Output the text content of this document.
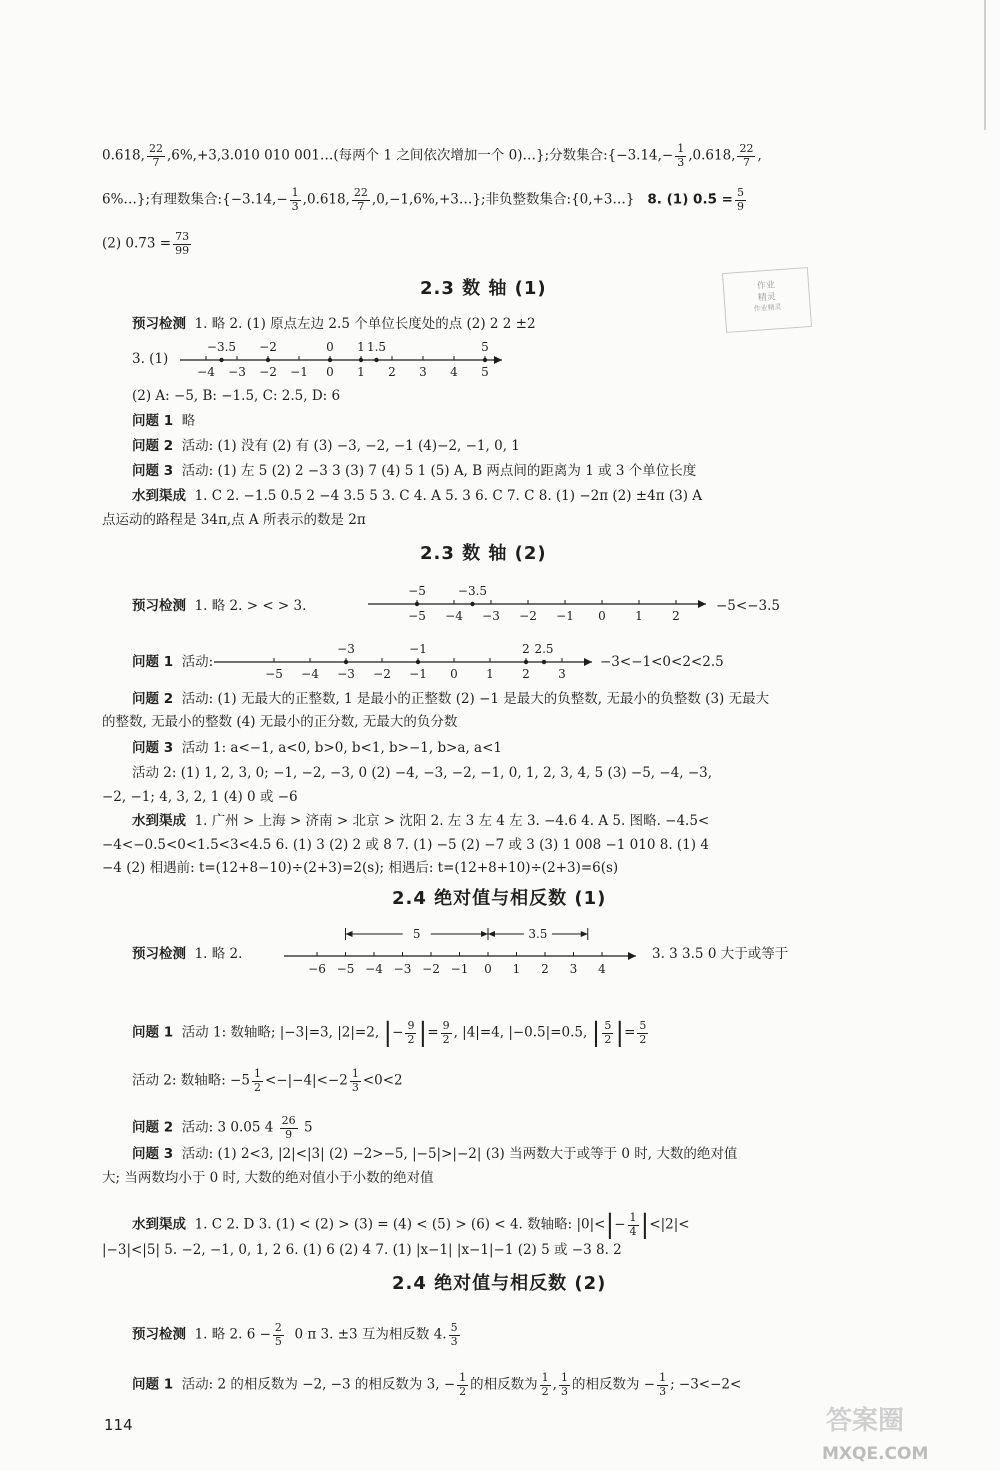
0.618, $\frac{22}{7} ,6\%,+3,3.010$ 010 001…(每两个 1 之间依次增加一个 0)…};分数集合:{−3.14,− $\frac{1}{3} ,0.618$, $\frac{22}{7}$ ,
6%…};有理数集合:{−3.14,− $\frac{1}{3} ,0.618$, $\frac{22}{7}$ ,0,−1,6%,+3…};非负整数集合:{0,+3…} 8. (1) 0.5̇ = $\frac{5}{9}$
(2) 0.7̇3̇ = $\frac{73}{99}$
作业
精灵
作业精灵
2.3 数 轴 (1)
预习检测 1. 略 2. (1) 原点左边 2.5 个单位长度处的点 (2) 2 2 ±2
3. (1)
−4 −3 −2 −1 0 1 2 3 4 5
−3.5 −2	0 1 1.5	5
(2) A: −5, B: −1.5, C: 2.5, D: 6
问题 1 略
问题 2 活动: (1) 没有 (2) 有 (3) −3, −2, −1 (4)−2, −1, 0, 1
问题 3 活动: (1) 左 5 (2) 2 −3 3 (3) 7 (4) 5 1 (5) A, B 两点间的距离为 1 或 3 个单位长度
水到渠成 1. C 2. −1.5 0.5 2 −4 3.5 5 3. C 4. A 5. 3 6. C 7. C 8. (1) −2π (2) ±4π (3) A
点运动的路程是 34π,点 A 所表示的数是 2π
2.3 数 轴 (2)
预习检测 1. 略 2. > < > 3.
−5 −4 −3 −2 −1 0 1 2
−5	−3.5
−5<−3.5
问题 1 活动:
−5 −4 −3 −2 −1 0 1 2 3
−3	−1	2 2.5
−3<−1<0<2<2.5
问题 2 活动: (1) 无最大的正整数, 1 是最小的正整数 (2) −1 是最大的负整数, 无最小的负整数 (3) 无最大
的整数, 无最小的整数 (4) 无最小的正分数, 无最大的负分数
问题 3 活动 1: a<−1, a<0, b>0, b<1, b>−1, b>a, a<1
活动 2: (1) 1, 2, 3, 0; −1, −2, −3, 0 (2) −4, −3, −2, −1, 0, 1, 2, 3, 4, 5 (3) −5, −4, −3,
−2, −1; 4, 3, 2, 1 (4) 0 或 −6
水到渠成 1. 广州 > 上海 > 济南 > 北京 > 沈阳 2. 左 3 左 4 左 3. −4.6 4. A 5. 图略. −4.5<
−4<−0.5<0<1.5<3<4.5 6. (1) 3 (2) 2 或 8 7. (1) −5 (2) −7 或 3 (3) 1 008 −1 010 8. (1) 4
−4 (2) 相遇前: t=(12+8−10)÷(2+3)=2(s); 相遇后: t=(12+8+10)÷(2+3)=6(s)
2.4 绝对值与相反数 (1)
预习检测 1. 略 2.
−6 −5 −4 −3 −2 −1 0 1 2 3 4
5	3.5
3. 3 3.5 0 大于或等于
问题 1 活动 1: 数轴略; |−3|=3, |2|=2, |− $\frac{9}{2}$ |= $\frac{9}{2}$ , |4|=4, |−0.5|=0.5, | $\frac{5}{2}$ |= $\frac{5}{2}$
活动 2: 数轴略: $-5 \frac{1}{2} <-|-4|<-2 \frac{1}{3} <0<2$
问题 2 活动: 3 0.05 $4 \frac{26}{9} 5$
问题 3 活动: (1) 2<3, |2|<|3| (2) −2>−5, |−5|>|−2| (3) 当两数大于或等于 0 时, 大数的绝对值
大; 当两数均小于 0 时, 大数的绝对值小于小数的绝对值
水到渠成 1. C 2. D 3. (1) < (2) > (3) = (4) < (5) > (6) < 4. 数轴略: $|0|<|- \frac{1}{4} |<|2|<$
|−3|<|5| 5. −2, −1, 0, 1, 2 6. (1) 6 (2) 4 7. (1) |x−1| |x−1|−1 (2) 5 或 −3 8. 2
2.4 绝对值与相反数 (2)
预习检测 1. 略 2. $6 - \frac{2}{5} 0$ π 3. ±3 互为相反数 4. $\frac{5}{3}$
问题 1 活动: 2 的相反数为 −2, −3 的相反数为 3, − $\frac{1}{2}$ 的相反数为 $\frac{1}{2}$ , $\frac{1}{3}$ 的相反数为 − $\frac{1}{3}$ ; −3<−2<
114	答案圈
MXQE.COM
